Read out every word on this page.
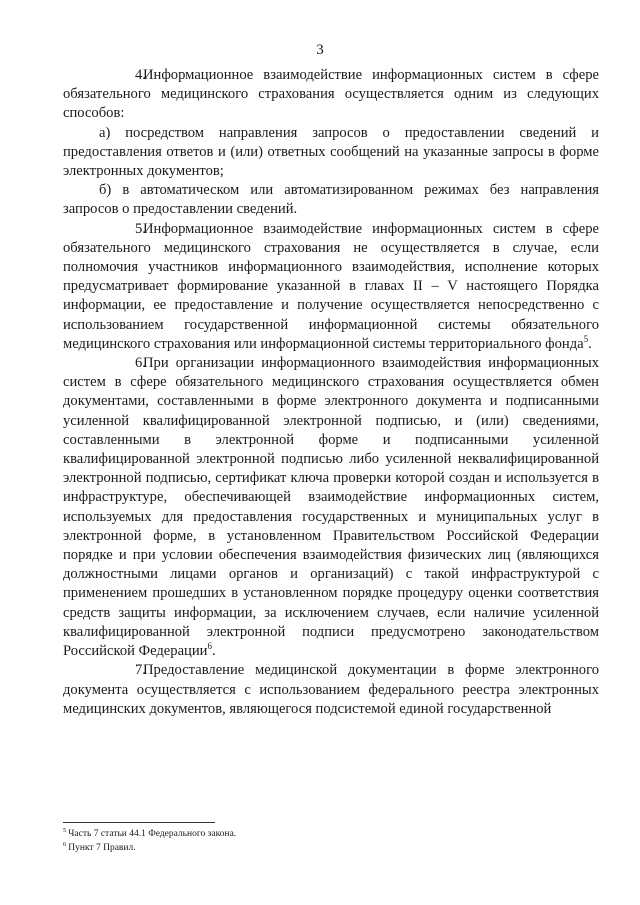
3

4.Информационное взаимодействие информационных систем в сфере обязательного медицинского страхования осуществляется одним из следующих способов:

а) посредством направления запросов о предоставлении сведений и предоставления ответов и (или) ответных сообщений на указанные запросы в форме электронных документов;

б) в автоматическом или автоматизированном режимах без направления запросов о предоставлении сведений.

5.Информационное взаимодействие информационных систем в сфере обязательного медицинского страхования не осуществляется в случае, если полномочия участников информационного взаимодействия, исполнение которых предусматривает формирование указанной в главах II – V настоящего Порядка информации, ее предоставление и получение осуществляется непосредственно с использованием государственной информационной системы обязательного медицинского страхования или информационной системы территориального фонда$^5$.

6.При организации информационного взаимодействия информационных систем в сфере обязательного медицинского страхования осуществляется обмен документами, составленными в форме электронного документа и подписанными усиленной квалифицированной электронной подписью, и (или) сведениями, составленными в электронной форме и подписанными усиленной квалифицированной электронной подписью либо усиленной неквалифицированной электронной подписью, сертификат ключа проверки которой создан и используется в инфраструктуре, обеспечивающей взаимодействие информационных систем, используемых для предоставления государственных и муниципальных услуг в электронной форме, в установленном Правительством Российской Федерации порядке и при условии обеспечения взаимодействия физических лиц (являющихся должностными лицами органов и организаций) с такой инфраструктурой с применением прошедших в установленном порядке процедуру оценки соответствия средств защиты информации, за исключением случаев, если наличие усиленной квалифицированной электронной подписи предусмотрено законодательством Российской Федерации$^6$.

7.Предоставление медицинской документации в форме электронного документа осуществляется с использованием федерального реестра электронных медицинских документов, являющегося подсистемой единой государственной

$^5$ Часть 7 статьи 44.1 Федерального закона.

$^6$ Пункт 7 Правил.
